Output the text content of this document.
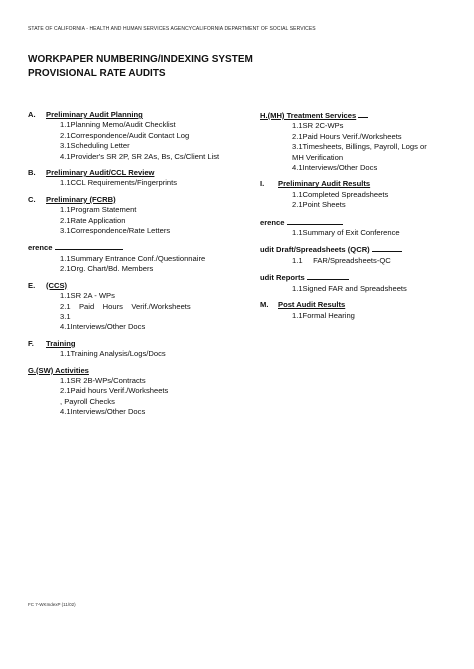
STATE OF CALIFORNIA - HEALTH AND HUMAN SERVICES AGENCYCALIFORNIA DEPARTMENT OF SOCIAL SERVICES
WORKPAPER NUMBERING/INDEXING SYSTEM
PROVISIONAL RATE AUDITS
A.	Preliminary Audit Planning
1.1Planning Memo/Audit Checklist
2.1Correspondence/Audit Contact Log
3.1Scheduling Letter
4.1Provider's SR 2P, SR 2As, Bs, Cs/Client List
B.	Preliminary Audit/CCL Review
1.1CCL Requirements/Fingerprints
C.	Preliminary (FCRB)
1.1Program Statement
2.1Rate Application
3.1Correspondence/Rate Letters
erence
1.1Summary Entrance Conf./Questionnaire
2.1Org. Chart/Bd. Members
E.	(CCS)
1.1SR 2A - WPs
2.1    Paid    Hours    Verif./Worksheets
3.1
4.1Interviews/Other Docs
F.	Training
1.1Training Analysis/Logs/Docs
G.(SW) Activities
1.1SR 2B-WPs/Contracts
2.1Paid hours Verif./Worksheets
, Payroll Checks
4.1Interviews/Other Docs
H.(MH) Treatment Services
1.1SR 2C-WPs
2.1Paid Hours Verif./Worksheets
3.1Timesheets, Billings, Payroll, Logs or
MH Verification
4.1Interviews/Other Docs
I.	Preliminary Audit Results
1.1Completed Spreadsheets
2.1Point Sheets
erence
1.1Summary of Exit Conference
udit Draft/Spreadsheets (QCR)
1.1     FAR/Spreadsheets-QC
udit Reports
1.1Signed FAR and Spreadsheets
M.	Post Audit Results
1.1Formal Hearing
FC 7-WKIndexP (11/02)
